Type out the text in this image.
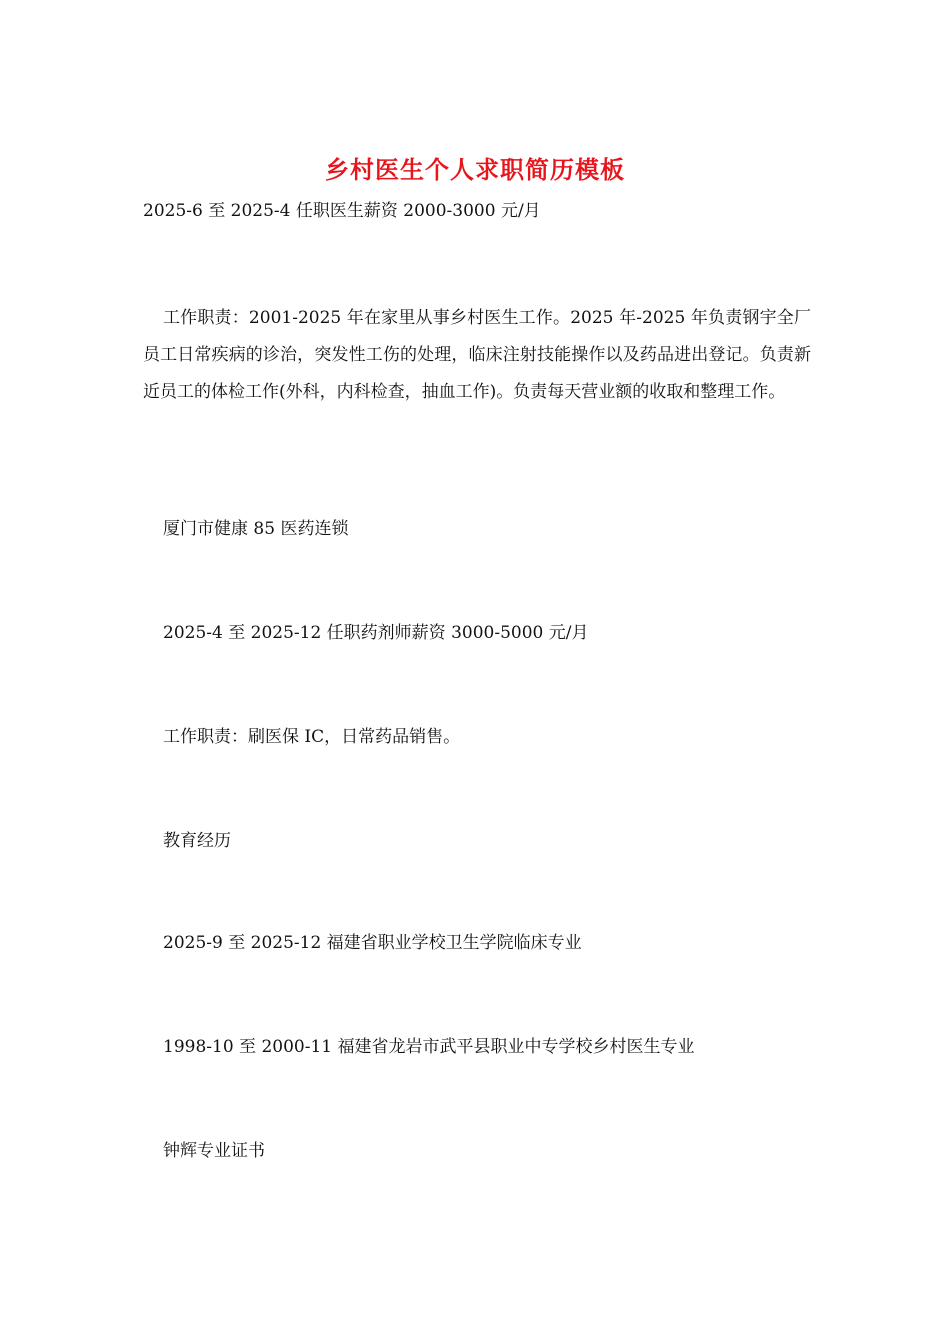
乡村医生个人求职简历模板

2025-6 至 2025-4 任职医生薪资 2000-3000 元/月

工作职责：2001-2025 年在家里从事乡村医生工作。2025 年-2025 年负责钢宇全厂员工日常疾病的诊治，突发性工伤的处理，临床注射技能操作以及药品进出登记。负责新近员工的体检工作(外科，内科检查，抽血工作)。负责每天营业额的收取和整理工作。

厦门市健康 85 医药连锁

2025-4 至 2025-12 任职药剂师薪资 3000-5000 元/月

工作职责：刷医保 IC，日常药品销售。

教育经历

2025-9 至 2025-12 福建省职业学校卫生学院临床专业

1998-10 至 2000-11 福建省龙岩市武平县职业中专学校乡村医生专业

钟辉专业证书
